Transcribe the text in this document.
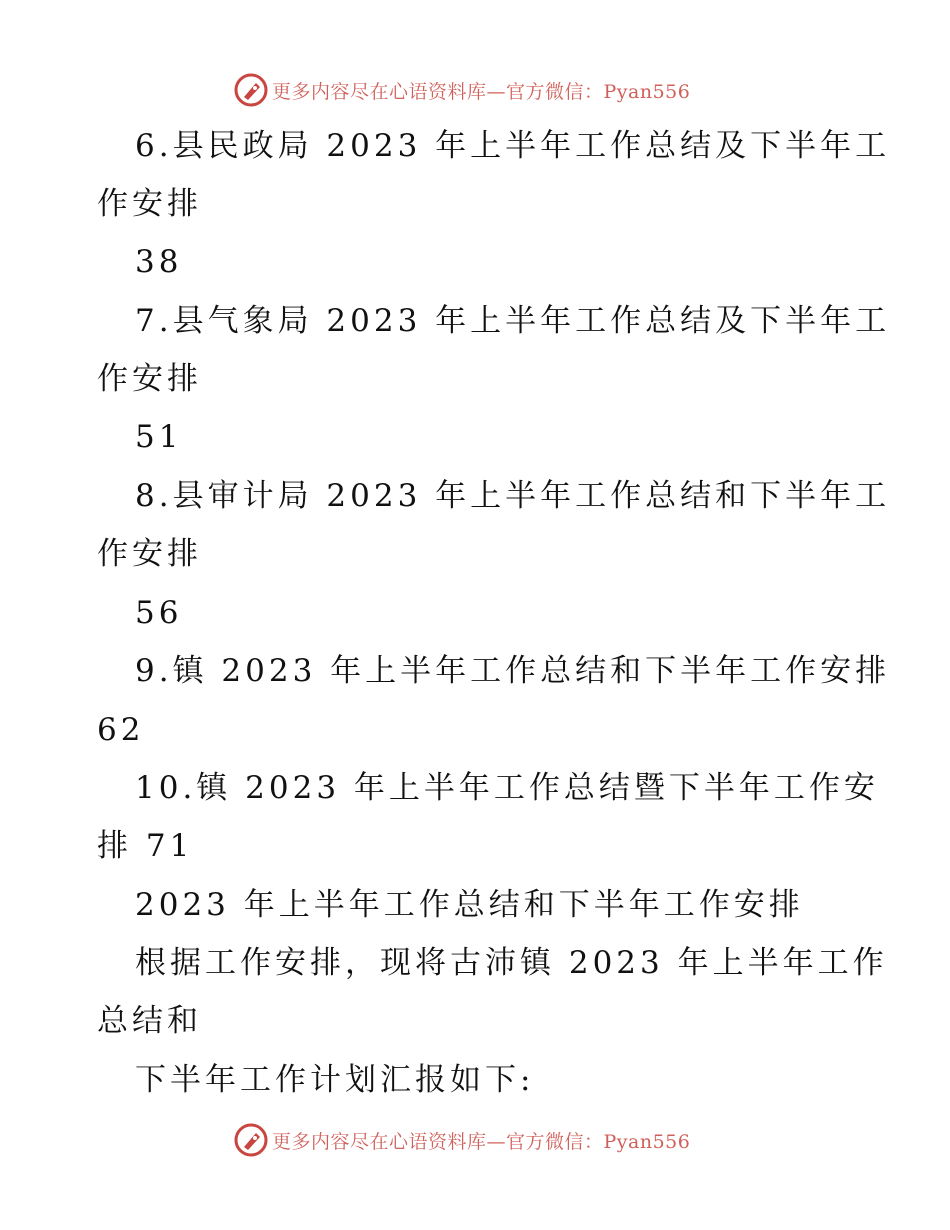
更多内容尽在心语资料库—官方微信：Pyan556
6.县民政局 2023 年上半年工作总结及下半年工
作安排
38
7.县气象局 2023 年上半年工作总结及下半年工
作安排
51
8.县审计局 2023 年上半年工作总结和下半年工
作安排
56
9.镇 2023 年上半年工作总结和下半年工作安排
62
10.镇 2023 年上半年工作总结暨下半年工作安
排 71
2023 年上半年工作总结和下半年工作安排
根据工作安排，现将古沛镇 2023 年上半年工作
总结和
下半年工作计划汇报如下:
更多内容尽在心语资料库—官方微信：Pyan556
